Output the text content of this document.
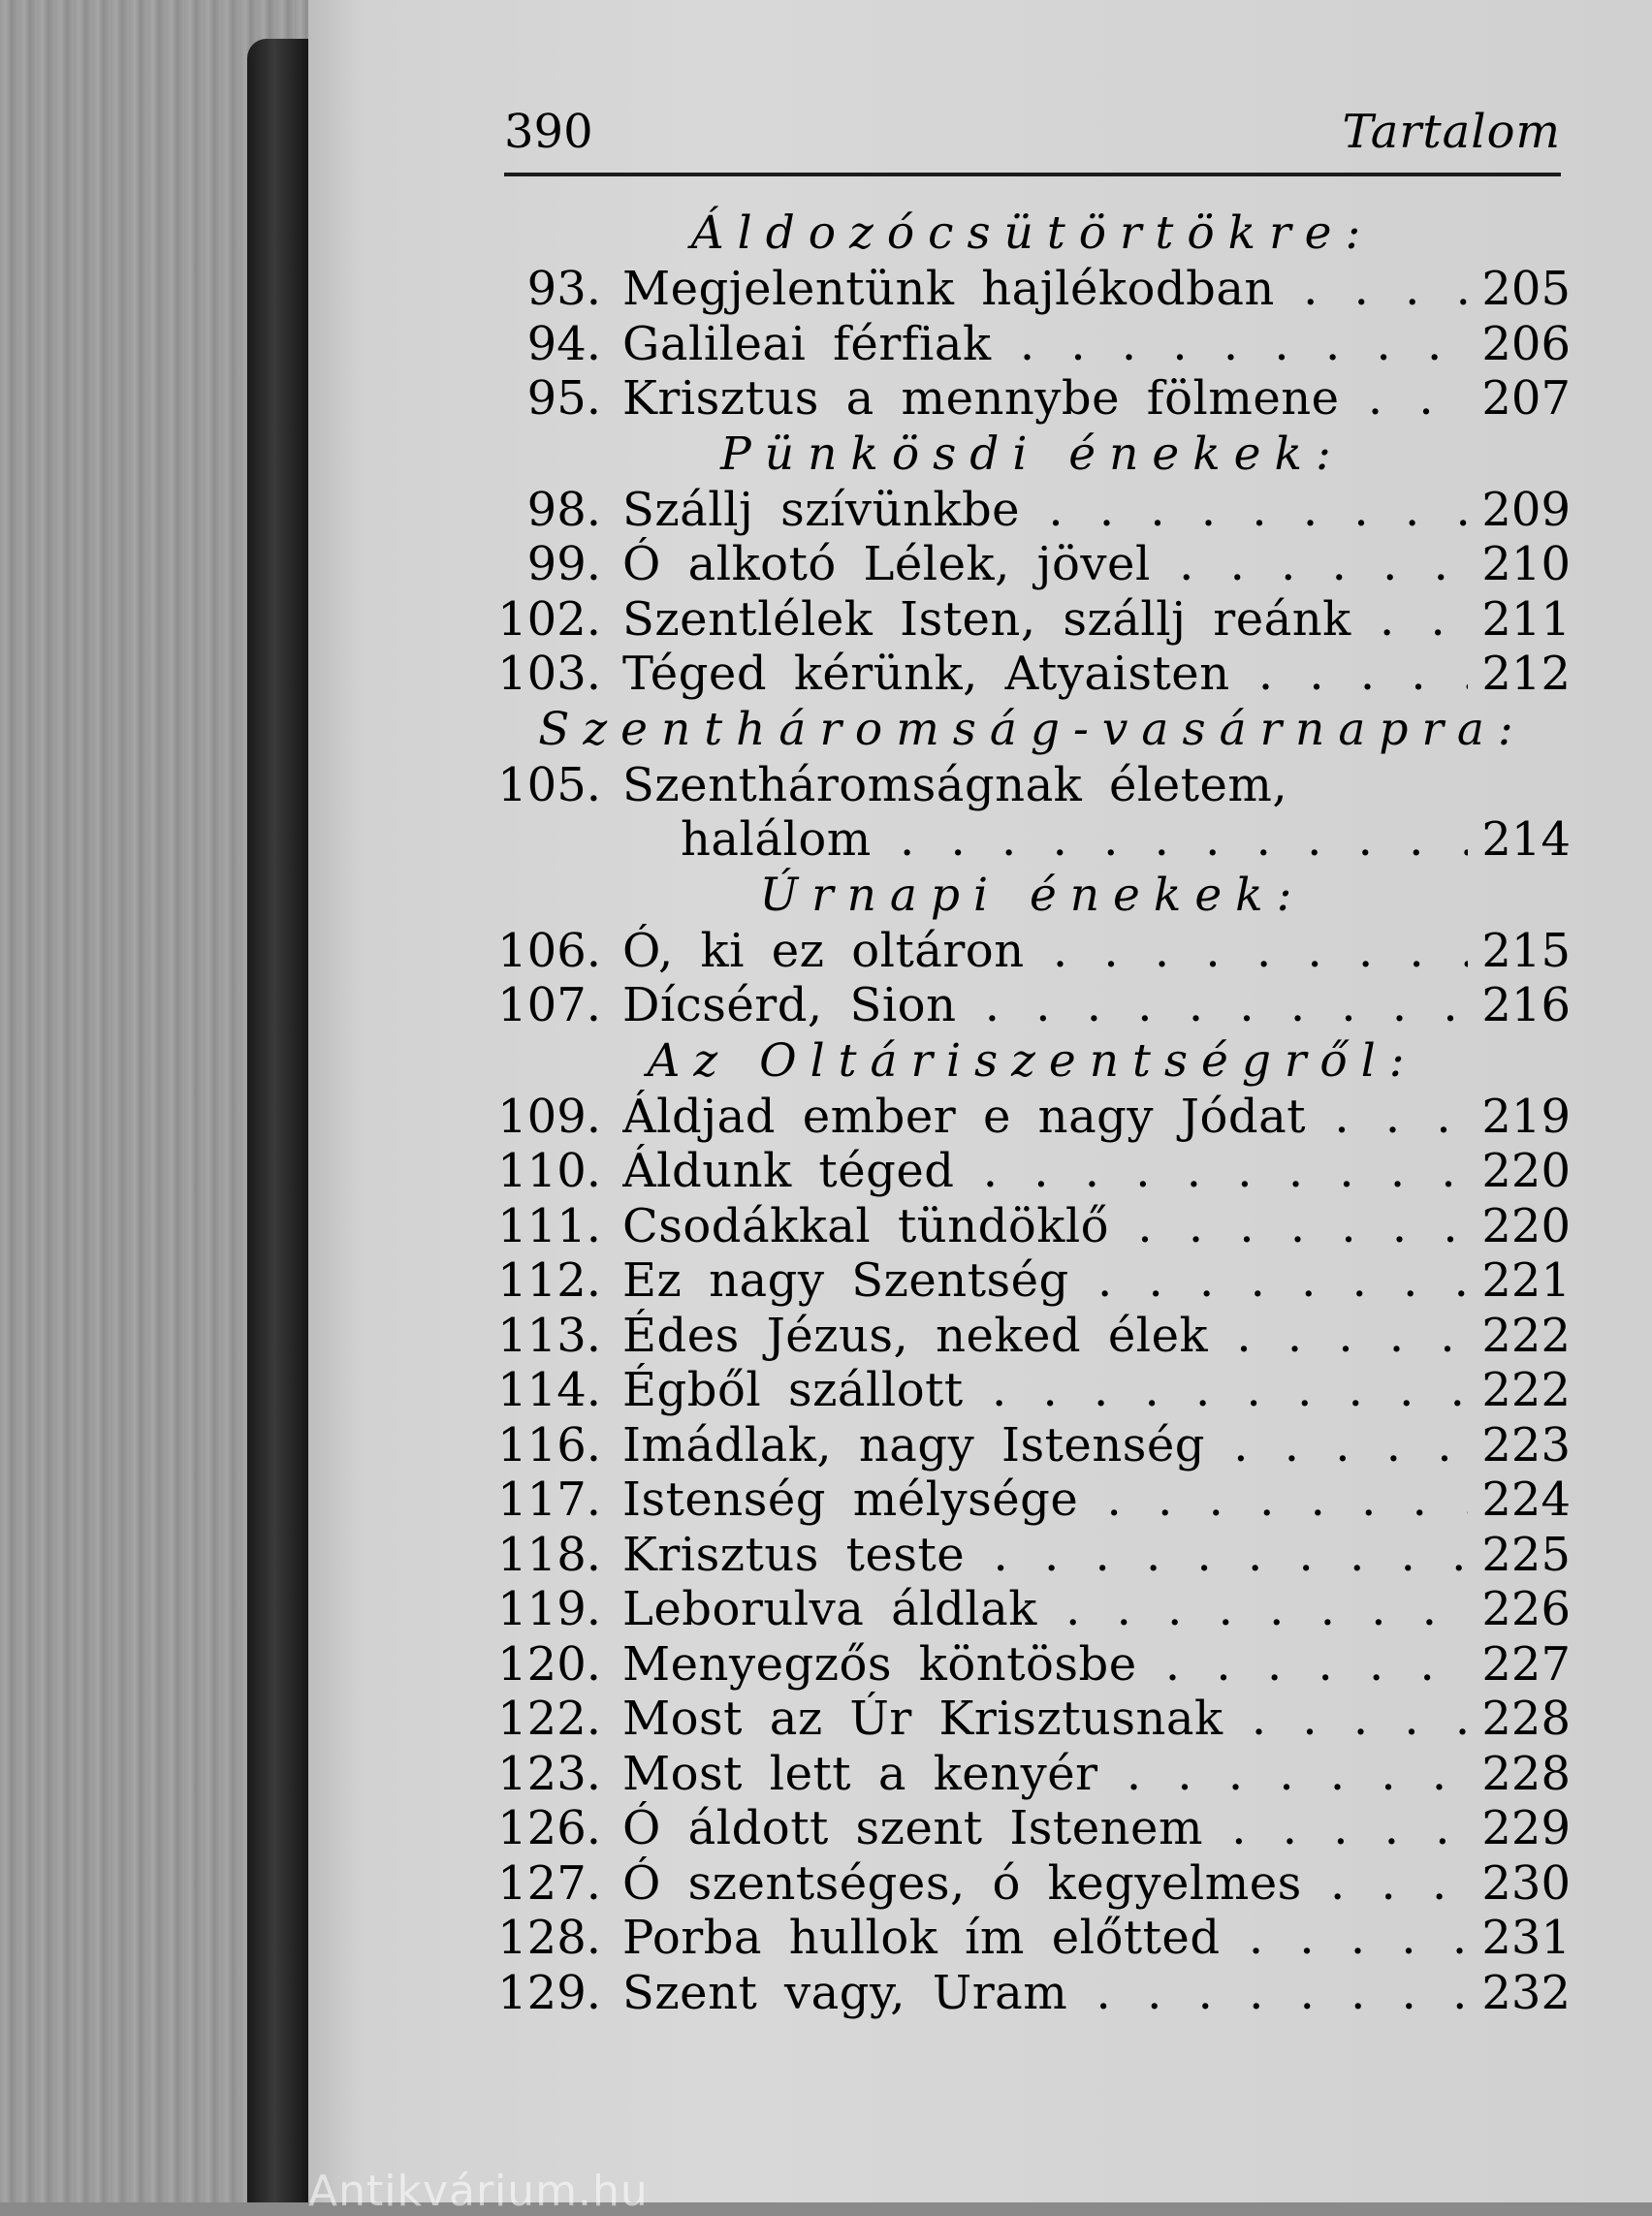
Antikvárium.hu
390	Tartalom
Áldozócsütörtökre:
93. Megjelentünk hajlékodban . . .	205
94. Galileai férfiak . . .	206
95. Krisztus a mennybe fölmene . . .	207
Pünkösdi énekek:
98. Szállj szívünkbe . . .	209
99. Ó alkotó Lélek, jövel . . .	210
102. Szentlélek Isten, szállj reánk . . .	211
103. Téged kérünk, Atyaisten . . .	212
Szentháromság-vasárnapra:
105. Szentháromságnak életem,
halálom . . .	214
Úrnapi énekek:
106. Ó, ki ez oltáron . . .	215
107. Dícsérd, Sion . . .	216
Az Oltáriszentségről:
109. Áldjad ember e nagy Jódat . . .	219
110. Áldunk téged . . .	220
111. Csodákkal tündöklő . . .	220
112. Ez nagy Szentség . . .	221
113. Édes Jézus, neked élek . . .	222
114. Égből szállott . . .	222
116. Imádlak, nagy Istenség . . .	223
117. Istenség mélysége . . .	224
118. Krisztus teste . . .	225
119. Leborulva áldlak . . .	226
120. Menyegzős köntösbe . . .	227
122. Most az Úr Krisztusnak . . .	228
123. Most lett a kenyér . . .	228
126. Ó áldott szent Istenem . . .	229
127. Ó szentséges, ó kegyelmes . . .	230
128. Porba hullok ím előtted . . .	231
129. Szent vagy, Uram . . .	232
